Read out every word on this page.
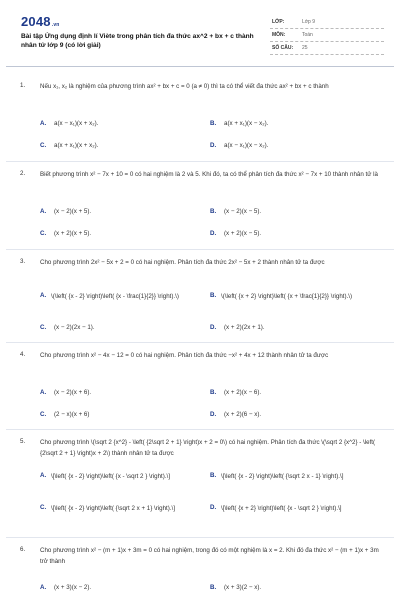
2048.vn
Bài tập Ứng dụng định lí Viète trong phân tích đa thức ax^2 + bx + c thành nhân tử lớp 9 (có lời giải)
LỚP:	Lớp 9
MÔN:	Toán
SỐ CÂU: 25
1. Nếu x₁, x₂ là nghiệm của phương trình ax² + bx + c = 0 (a ≠ 0) thì ta có thể viết đa thức ax² + bx + c thành
A. a(x − x₁)(x + x₂).	B. a(x + x₁)(x − x₂).
C. a(x + x₁)(x + x₂).	D. a(x − x₁)(x − x₂).
2. Biết phương trình x² − 7x + 10 = 0 có hai nghiệm là 2 và 5. Khi đó, ta có thể phân tích đa thức x² − 7x + 10 thành nhân tử là
A. (x − 2)(x + 5).	B. (x − 2)(x − 5).
C. (x + 2)(x + 5).	D. (x + 2)(x − 5).
3. Cho phương trình 2x² − 5x + 2 = 0 có hai nghiệm. Phân tích đa thức 2x² − 5x + 2 thành nhân tử ta được
A. \(\left( {x - 2} \right)\left( {x - \frac{1}{2}} \right).\)	B. \(\left( {x + 2} \right)\left( {x + \frac{1}{2}} \right).\)
C. (x − 2)(2x − 1).	D. (x + 2)(2x + 1).
4. Cho phương trình x² − 4x − 12 = 0 có hai nghiệm. Phân tích đa thức −x² + 4x + 12 thành nhân tử ta được
A. (x − 2)(x + 6).	B. (x + 2)(x − 6).
C. (2 − x)(x + 6)	D. (x + 2)(6 − x).
5. Cho phương trình \(\sqrt 2 {x^2} - \left( {2\sqrt 2 + 1} \right)x + 2 = 0\) có hai nghiệm. Phân tích đa thức \(\sqrt 2 {x^2} - \left( {2\sqrt 2 + 1} \right)x + 2\) thành nhân tử ta được
A. \[\left( {x - 2} \right)\left( {x - \sqrt 2 } \right).\]	B. \[\left( {x - 2} \right)\left( {\sqrt 2 x - 1} \right).\]
C. \[\left( {x - 2} \right)\left( {\sqrt 2 x + 1} \right).\]	D. \[\left( {x + 2} \right)\left( {x - \sqrt 2 } \right).\]
6. Cho phương trình x² − (m + 1)x + 3m = 0 có hai nghiệm, trong đó có một nghiệm là x = 2. Khi đó đa thức x² − (m + 1)x + 3m trở thành
A. (x + 3)(x − 2).	B. (x + 3)(2 − x).
